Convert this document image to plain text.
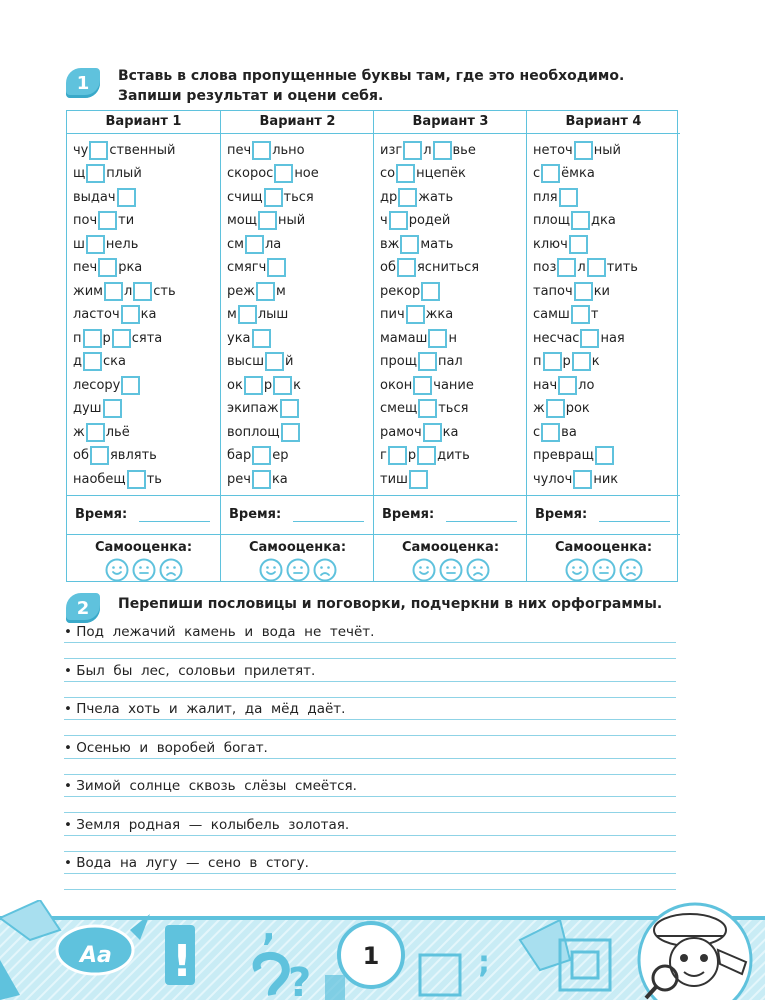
1 Вставь в слова пропущенные буквы там, где это необходимо.
Запиши результат и оцени себя.
Вариант 1
чу ственный
щ плый
выдач
поч ти
ш нель
печ рка
жим л сть
ласточ ка
п р сята
д ска
лесору
душ
ж льё
об являть
наобещ ть
Время:
Самооценка:
Вариант 2
печ льно
скорос ное
счищ ться
мощ ный
см ла
смягч
реж м
м лыш
ука
высш й
ок р к
экипаж
воплощ
бар ер
реч ка
Время:
Самооценка:
Вариант 3
изг л вье
со нцепёк
др жать
ч родей
вж мать
об ясниться
рекор
пич жка
мамаш н
прощ пал
окон чание
смещ ться
рамоч ка
г р дить
тиш
Время:
Самооценка:
Вариант 4
неточ ный
с ёмка
пля
площ дка
ключ
поз л тить
тапоч ки
самш т
несчас ная
п р к
нач ло
ж рок
с ва
превращ
чулоч ник
Время:
Самооценка:
2 Перепиши пословицы и поговорки, подчеркни в них орфограммы.
• Под  лежачий  камень  и  вода  не  течёт.
• Был  бы  лес,  соловьи  прилетят.
• Пчела  хоть  и  жалит,  да  мёд  даёт.
• Осенью  и  воробей  богат.
• Зимой  солнце  сквозь  слёзы  смеётся.
• Земля  родная  —  колыбель  золотая.
• Вода  на  лугу  —  сено  в  стогу.
Aa !
,
?	;
1
